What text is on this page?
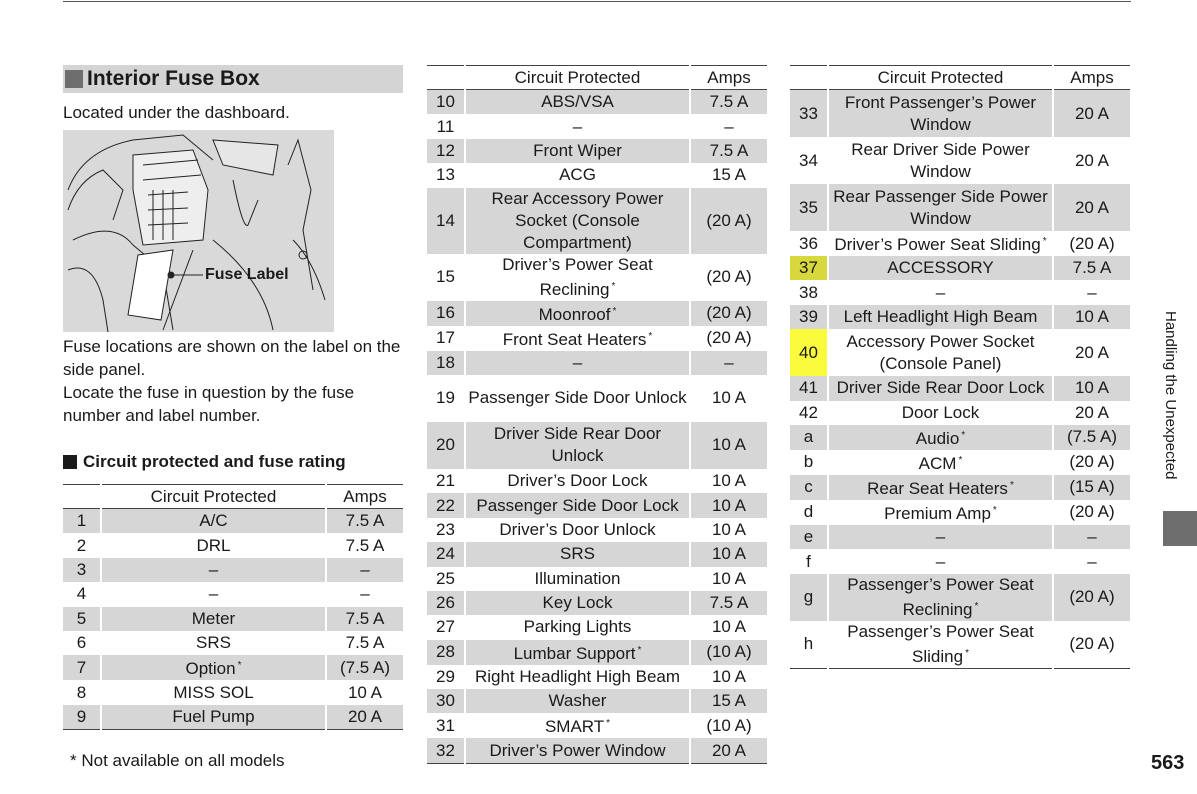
Interior Fuse Box
Located under the dashboard.
Fuse Label
Fuse locations are shown on the label on the side panel.
Locate the fuse in question by the fuse number and label number.
Circuit protected and fuse rating
	Circuit Protected	Amps
1	A/C	7.5 A
2	DRL	7.5 A
3	–	–
4	–	–
5	Meter	7.5 A
6	SRS	7.5 A
7	Option *	(7.5 A)
8	MISS SOL	10 A
9	Fuel Pump	20 A
	Circuit Protected	Amps
10	ABS/VSA	7.5 A
11	–	–
12	Front Wiper	7.5 A
13	ACG	15 A
14	Rear Accessory Power Socket (Console Compartment)	(20 A)
15	Driver’s Power Seat Reclining *	(20 A)
16	Moonroof *	(20 A)
17	Front Seat Heaters *	(20 A)
18	–	–
19	Passenger Side Door Unlock	10 A
20	Driver Side Rear Door Unlock	10 A
21	Driver’s Door Lock	10 A
22	Passenger Side Door Lock	10 A
23	Driver’s Door Unlock	10 A
24	SRS	10 A
25	Illumination	10 A
26	Key Lock	7.5 A
27	Parking Lights	10 A
28	Lumbar Support *	(10 A)
29	Right Headlight High Beam	10 A
30	Washer	15 A
31	SMART *	(10 A)
32	Driver’s Power Window	20 A
	Circuit Protected	Amps
33	Front Passenger’s Power Window	20 A
34	Rear Driver Side Power Window	20 A
35	Rear Passenger Side Power Window	20 A
36	Driver’s Power Seat Sliding *	(20 A)
37	ACCESSORY	7.5 A
38	–	–
39	Left Headlight High Beam	10 A
40	Accessory Power Socket (Console Panel)	20 A
41	Driver Side Rear Door Lock	10 A
42	Door Lock	20 A
a	Audio *	(7.5 A)
b	ACM *	(20 A)
c	Rear Seat Heaters *	(15 A)
d	Premium Amp *	(20 A)
e	–	–
f	–	–
g	Passenger’s Power Seat Reclining *	(20 A)
h	Passenger’s Power Seat Sliding *	(20 A)
* Not available on all models
Handling the Unexpected
563
